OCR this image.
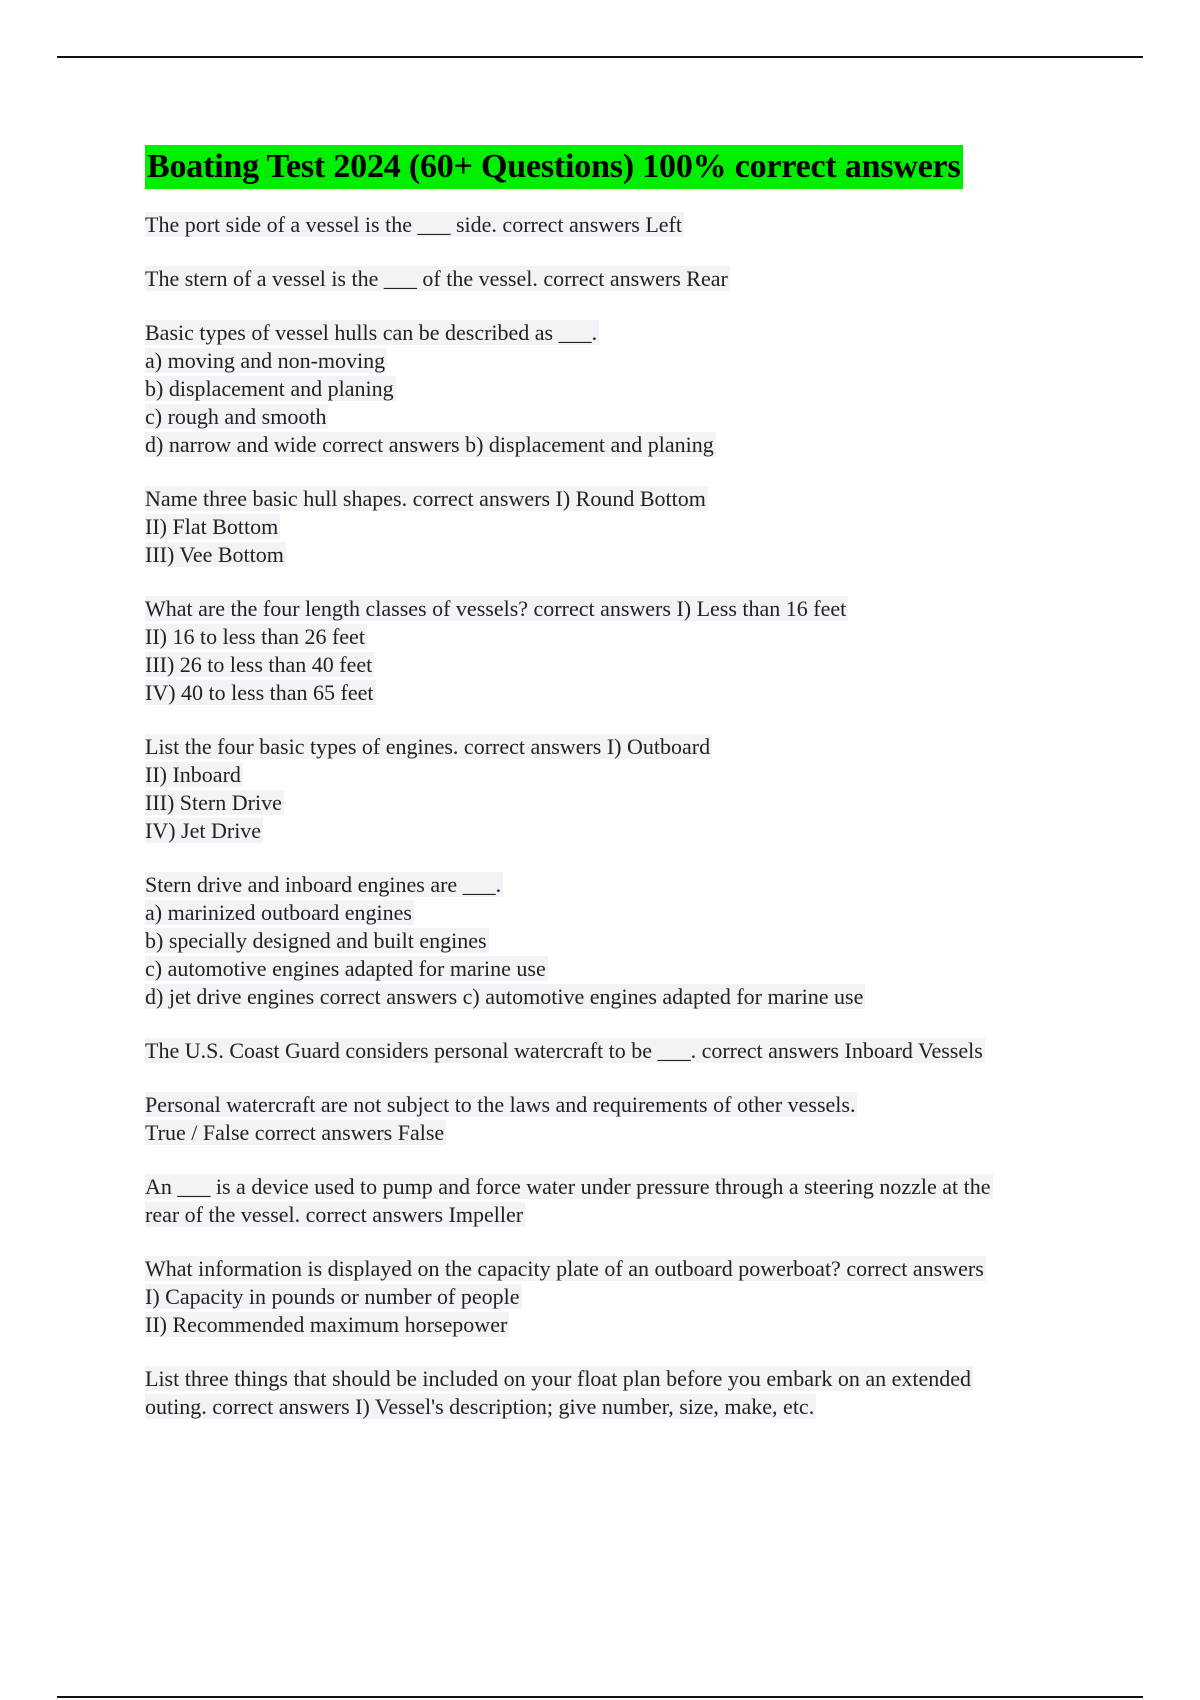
Boating Test 2024 (60+ Questions) 100% correct answers
The port side of a vessel is the ___ side. correct answers Left
The stern of a vessel is the ___ of the vessel. correct answers Rear
Basic types of vessel hulls can be described as ___.
a) moving and non-moving
b) displacement and planing
c) rough and smooth
d) narrow and wide correct answers b) displacement and planing
Name three basic hull shapes. correct answers I) Round Bottom
II) Flat Bottom
III) Vee Bottom
What are the four length classes of vessels? correct answers I) Less than 16 feet
II) 16 to less than 26 feet
III) 26 to less than 40 feet
IV) 40 to less than 65 feet
List the four basic types of engines. correct answers I) Outboard
II) Inboard
III) Stern Drive
IV) Jet Drive
Stern drive and inboard engines are ___.
a) marinized outboard engines
b) specially designed and built engines
c) automotive engines adapted for marine use
d) jet drive engines correct answers c) automotive engines adapted for marine use
The U.S. Coast Guard considers personal watercraft to be ___. correct answers Inboard Vessels
Personal watercraft are not subject to the laws and requirements of other vessels.
True / False correct answers False
An ___ is a device used to pump and force water under pressure through a steering nozzle at the
rear of the vessel. correct answers Impeller
What information is displayed on the capacity plate of an outboard powerboat? correct answers
I) Capacity in pounds or number of people
II) Recommended maximum horsepower
List three things that should be included on your float plan before you embark on an extended
outing. correct answers I) Vessel's description; give number, size, make, etc.
